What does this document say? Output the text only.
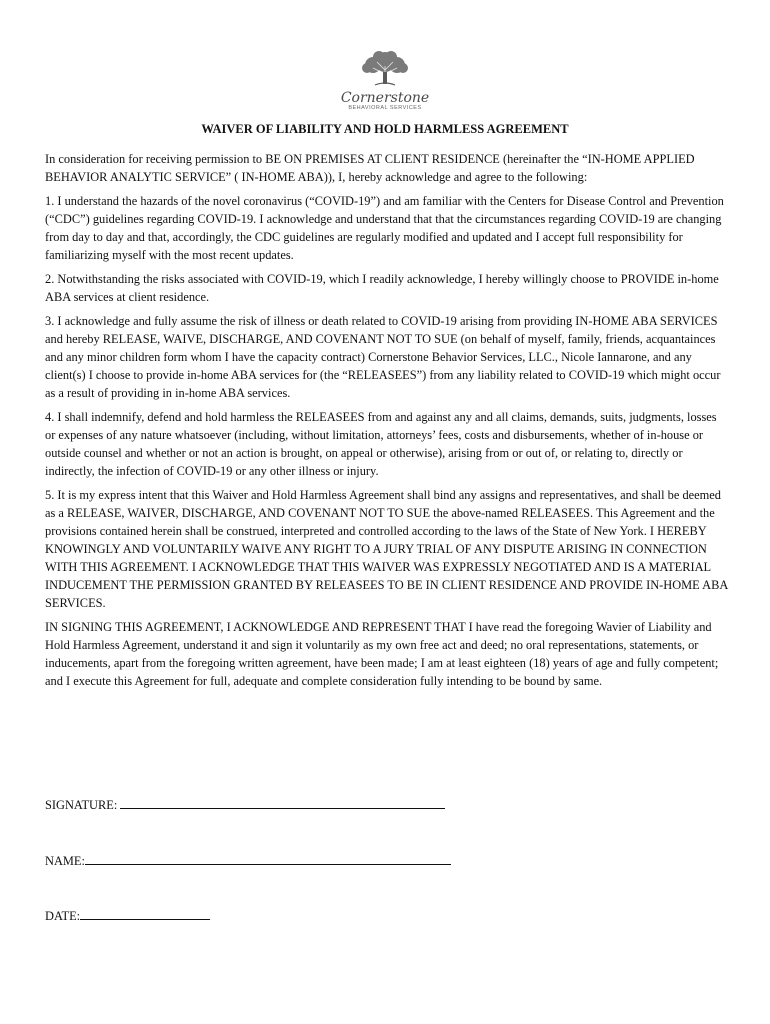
Cornerstone
BEHAVIORAL SERVICES
WAIVER OF LIABILITY AND HOLD HARMLESS AGREEMENT

In consideration for receiving permission to BE ON PREMISES AT CLIENT RESIDENCE (hereinafter the “IN-HOME APPLIED BEHAVIOR ANALYTIC SERVICE” ( IN-HOME ABA)), I, hereby acknowledge and agree to the following:

1. I understand the hazards of the novel coronavirus (“COVID-19”) and am familiar with the Centers for Disease Control and Prevention (“CDC”) guidelines regarding COVID-19. I acknowledge and understand that that the circumstances regarding COVID-19 are changing from day to day and that, accordingly, the CDC guidelines are regularly modified and updated and I accept full responsibility for familiarizing myself with the most recent updates.

2. Notwithstanding the risks associated with COVID-19, which I readily acknowledge, I hereby willingly choose to PROVIDE in-home ABA services at client residence.

3. I acknowledge and fully assume the risk of illness or death related to COVID-19 arising from providing IN-HOME ABA SERVICES and hereby RELEASE, WAIVE, DISCHARGE, AND COVENANT NOT TO SUE (on behalf of myself, family, friends, acquantainces and any minor children form whom I have the capacity contract) Cornerstone Behavior Services, LLC., Nicole Iannarone, and any client(s) I choose to provide in-home ABA services for (the “RELEASEES”) from any liability related to COVID-19 which might occur as a result of providing in in-home ABA services.

4. I shall indemnify, defend and hold harmless the RELEASEES from and against any and all claims, demands, suits, judgments, losses or expenses of any nature whatsoever (including, without limitation, attorneys’ fees, costs and disbursements, whether of in-house or outside counsel and whether or not an action is brought, on appeal or otherwise), arising from or out of, or relating to, directly or indirectly, the infection of COVID-19 or any other illness or injury.

5. It is my express intent that this Waiver and Hold Harmless Agreement shall bind any assigns and representatives, and shall be deemed as a RELEASE, WAIVER, DISCHARGE, AND COVENANT NOT TO SUE the above-named RELEASEES. This Agreement and the provisions contained herein shall be construed, interpreted and controlled according to the laws of the State of New York. I HEREBY KNOWINGLY AND VOLUNTARILY WAIVE ANY RIGHT TO A JURY TRIAL OF ANY DISPUTE ARISING IN CONNECTION WITH THIS AGREEMENT. I ACKNOWLEDGE THAT THIS WAIVER WAS EXPRESSLY NEGOTIATED AND IS A MATERIAL INDUCEMENT THE PERMISSION GRANTED BY RELEASEES TO BE IN CLIENT RESIDENCE AND PROVIDE IN-HOME ABA SERVICES.

IN SIGNING THIS AGREEMENT, I ACKNOWLEDGE AND REPRESENT THAT I have read the foregoing Wavier of Liability and Hold Harmless Agreement, understand it and sign it voluntarily as my own free act and deed; no oral representations, statements, or inducements, apart from the foregoing written agreement, have been made; I am at least eighteen (18) years of age and fully competent; and I execute this Agreement for full, adequate and complete consideration fully intending to be bound by same.

SIGNATURE:
NAME:
DATE:
